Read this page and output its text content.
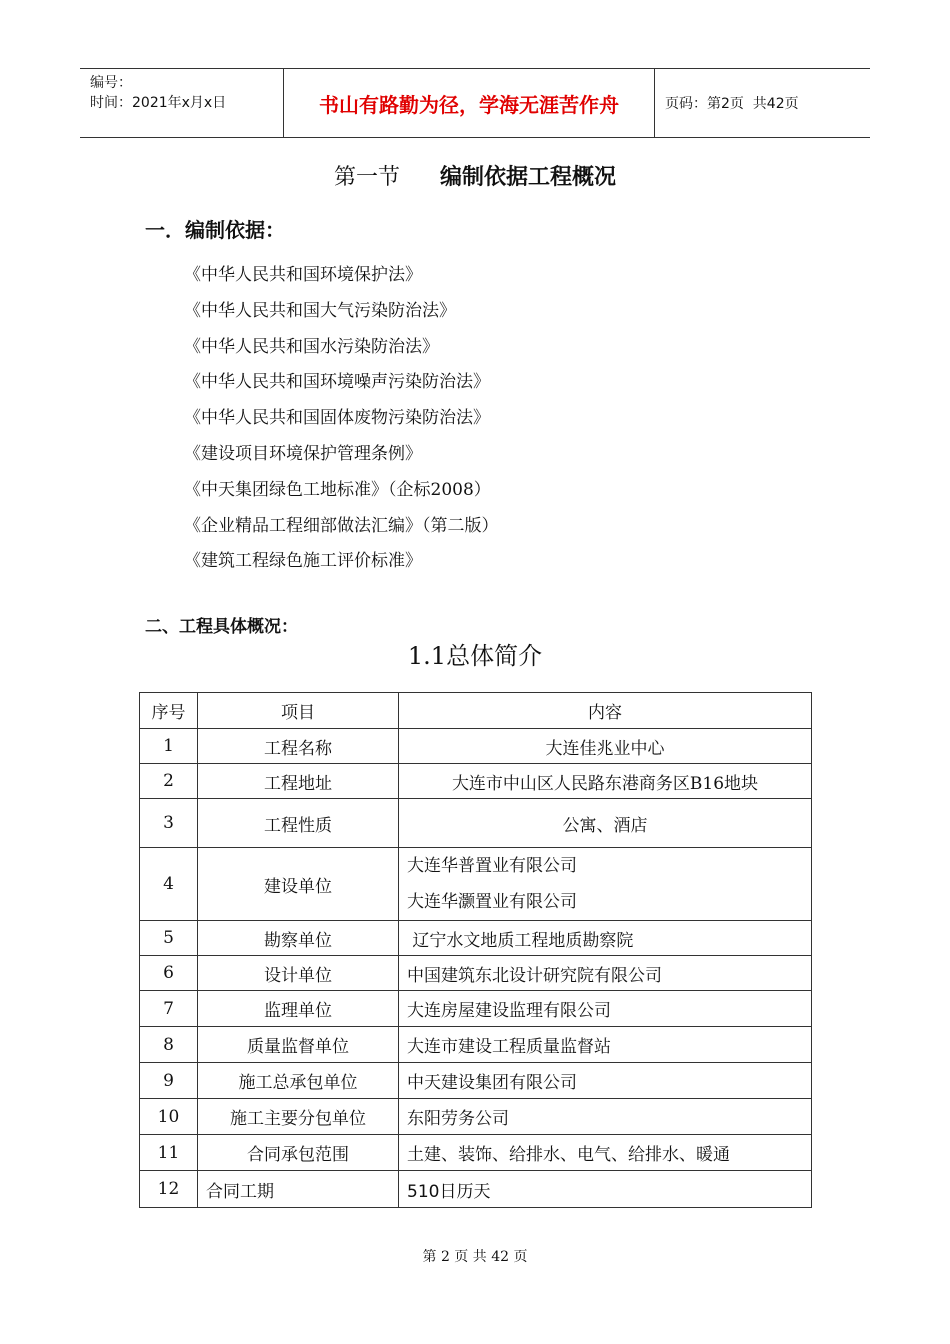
编号：
时间：2021年x月x日	书山有路勤为径，学海无涯苦作舟	页码：第2页  共42页
第一节 编制依据工程概况
一．编制依据：
《中华人民共和国环境保护法》
《中华人民共和国大气污染防治法》
《中华人民共和国水污染防治法》
《中华人民共和国环境噪声污染防治法》
《中华人民共和国固体废物污染防治法》
《建设项目环境保护管理条例》
《中天集团绿色工地标准》（企标2008）
《企业精品工程细部做法汇编》（第二版）
《建筑工程绿色施工评价标准》
二、工程具体概况：
1.1总体简介
序号	项目	内容
1	工程名称	大连佳兆业中心
2	工程地址	大连市中山区人民路东港商务区B16地块
3	工程性质	公寓、酒店
4	建设单位	大连华普置业有限公司
大连华灏置业有限公司

5	勘察单位	辽宁水文地质工程地质勘察院
6	设计单位	中国建筑东北设计研究院有限公司
7	监理单位	大连房屋建设监理有限公司
8	质量监督单位	大连市建设工程质量监督站
9	施工总承包单位	中天建设集团有限公司
10	施工主要分包单位	东阳劳务公司
11	合同承包范围	土建、装饰、给排水、电气、给排水、暖通
12	合同工期	510日历天
第 2 页 共 42 页
